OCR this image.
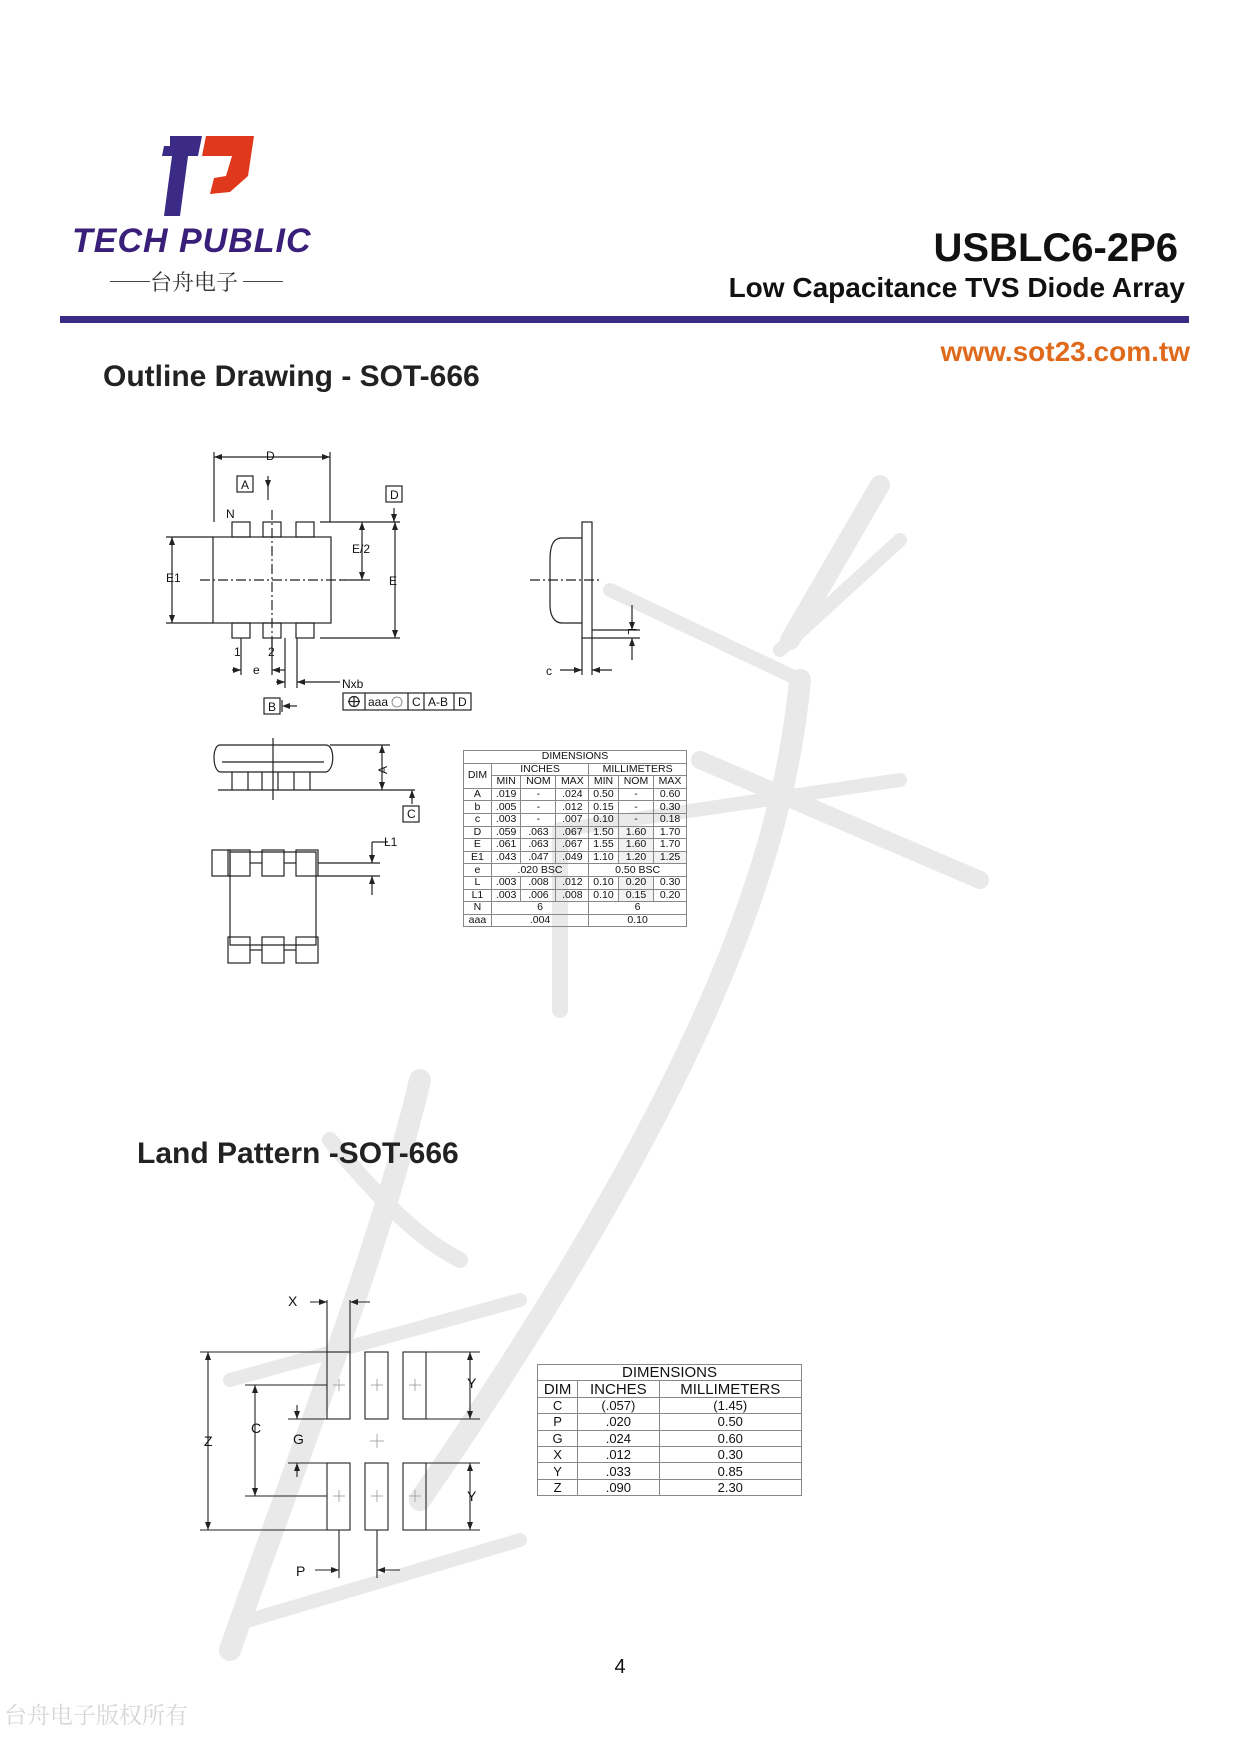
TECH PUBLIC
台舟电子
USBLC6-2P6
Low Capacitance TVS Diode Array
www.sot23.com.tw
Outline Drawing - SOT-666
D
A
N
E1
E/2
E
1 2
e
Nxb
B
D
aaa C A-B D
c
L
A
C
L1
DIMENSIONS						
DIM	INCHES			MILLIMETERS		
	MIN	NOM	MAX	MIN	NOM	MAX
A	.019	-	.024	0.50	-	0.60
b	.005	-	.012	0.15	-	0.30
c	.003	-	.007	0.10	-	0.18
D	.059	.063	.067	1.50	1.60	1.70
E	.061	.063	.067	1.55	1.60	1.70
E1	.043	.047	.049	1.10	1.20	1.25
e	.020 BSC			0.50 BSC		
L	.003	.008	.012	0.10	0.20	0.30
L1	.003	.006	.008	0.10	0.15	0.20
N	6			6		
aaa	.004			0.10		
Land Pattern -SOT-666
X
Y
Y
Z
C
G
P
DIMENSIONS		
DIM	INCHES	MILLIMETERS
C	(.057)	(1.45)
P	.020	0.50
G	.024	0.60
X	.012	0.30
Y	.033	0.85
Z	.090	2.30
4
台舟电子版权所有
